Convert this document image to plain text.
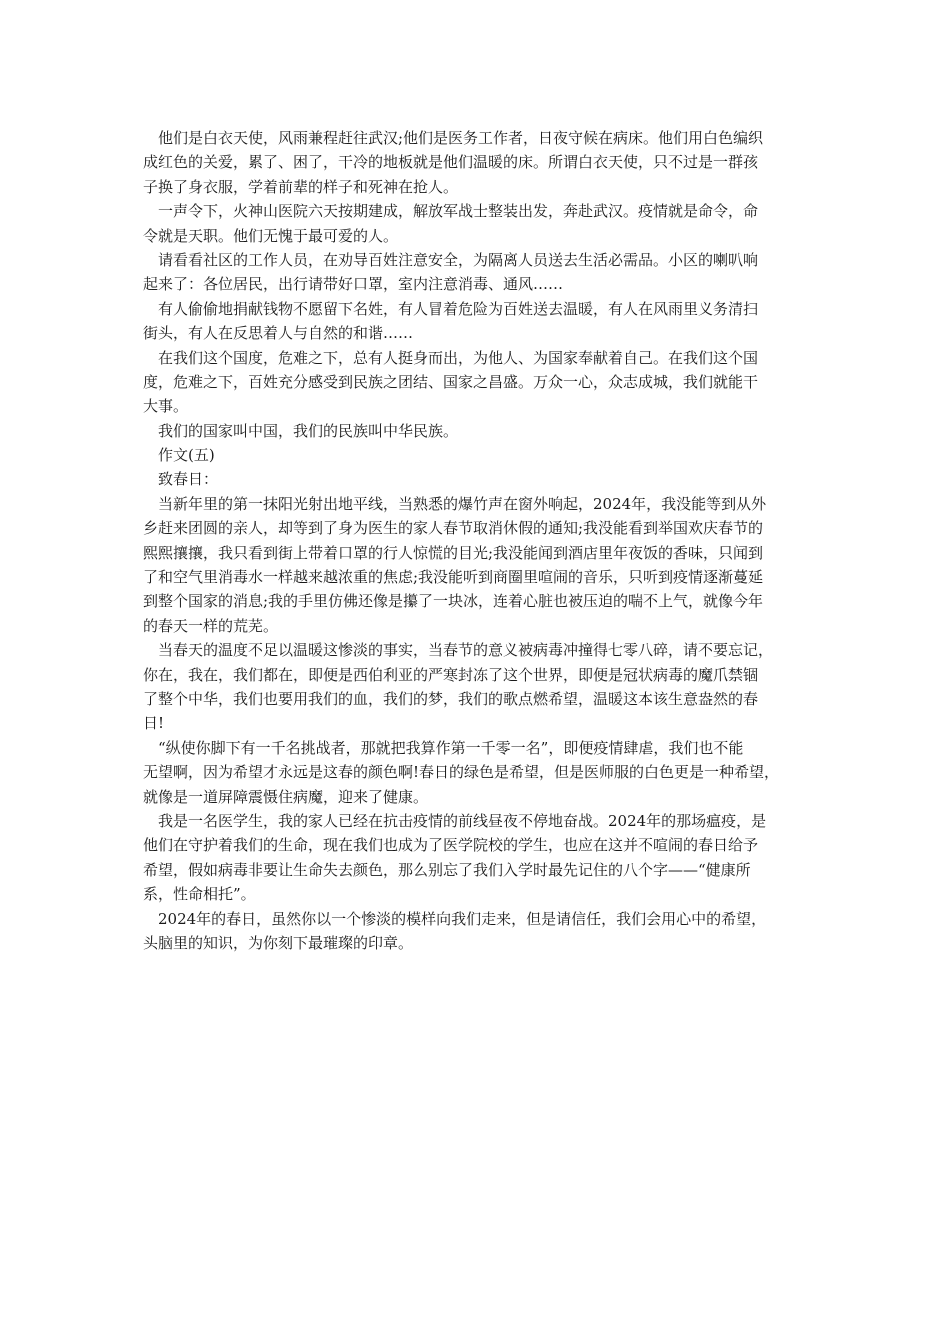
　他们是白衣天使，风雨兼程赶往武汉;他们是医务工作者，日夜守候在病床。他们用白色编织
成红色的关爱，累了、困了，干冷的地板就是他们温暖的床。所谓白衣天使，只不过是一群孩
子换了身衣服，学着前辈的样子和死神在抢人。
　一声令下，火神山医院六天按期建成，解放军战士整装出发，奔赴武汉。疫情就是命令，命
令就是天职。他们无愧于最可爱的人。
　请看看社区的工作人员，在劝导百姓注意安全，为隔离人员送去生活必需品。小区的喇叭响
起来了：各位居民，出行请带好口罩，室内注意消毒、通风……
　有人偷偷地捐献钱物不愿留下名姓，有人冒着危险为百姓送去温暖，有人在风雨里义务清扫
街头，有人在反思着人与自然的和谐……
　在我们这个国度，危难之下，总有人挺身而出，为他人、为国家奉献着自己。在我们这个国
度，危难之下，百姓充分感受到民族之团结、国家之昌盛。万众一心，众志成城，我们就能干
大事。
　我们的国家叫中国，我们的民族叫中华民族。
　作文(五)
　致春日：
　当新年里的第一抹阳光射出地平线，当熟悉的爆竹声在窗外响起，2024年，我没能等到从外
乡赶来团圆的亲人，却等到了身为医生的家人春节取消休假的通知;我没能看到举国欢庆春节的
熙熙攘攘，我只看到街上带着口罩的行人惊慌的目光;我没能闻到酒店里年夜饭的香味，只闻到
了和空气里消毒水一样越来越浓重的焦虑;我没能听到商圈里喧闹的音乐，只听到疫情逐渐蔓延
到整个国家的消息;我的手里仿佛还像是攥了一块冰，连着心脏也被压迫的喘不上气，就像今年
的春天一样的荒芜。
　当春天的温度不足以温暖这惨淡的事实，当春节的意义被病毒冲撞得七零八碎，请不要忘记，
你在，我在，我们都在，即便是西伯利亚的严寒封冻了这个世界，即便是冠状病毒的魔爪禁锢
了整个中华，我们也要用我们的血，我们的梦，我们的歌点燃希望，温暖这本该生意盎然的春
日!
　“纵使你脚下有一千名挑战者，那就把我算作第一千零一名”，即便疫情肆虐，我们也不能
无望啊，因为希望才永远是这春的颜色啊!春日的绿色是希望，但是医师服的白色更是一种希望，
就像是一道屏障震慑住病魔，迎来了健康。
　我是一名医学生，我的家人已经在抗击疫情的前线昼夜不停地奋战。2024年的那场瘟疫，是
他们在守护着我们的生命，现在我们也成为了医学院校的学生，也应在这并不喧闹的春日给予
希望，假如病毒非要让生命失去颜色，那么别忘了我们入学时最先记住的八个字——“健康所
系，性命相托”。
　2024年的春日，虽然你以一个惨淡的模样向我们走来，但是请信任，我们会用心中的希望，
头脑里的知识，为你刻下最璀璨的印章。
